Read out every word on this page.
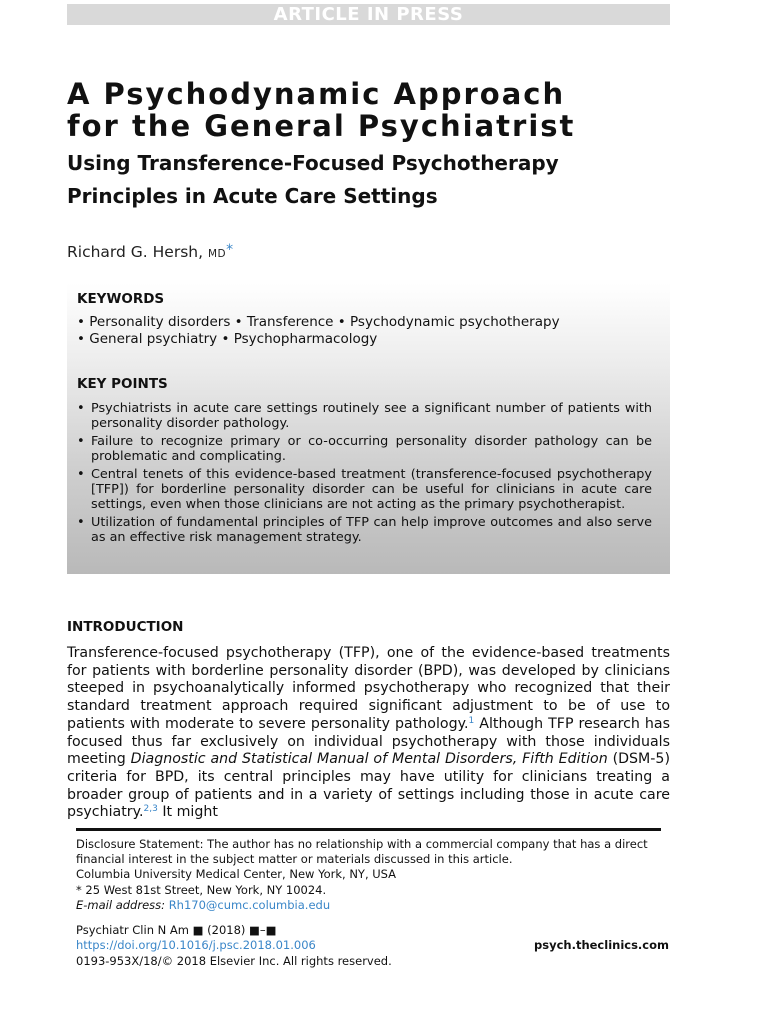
ARTICLE IN PRESS
A Psychodynamic Approach
for the General Psychiatrist
Using Transference-Focused Psychotherapy
Principles in Acute Care Settings
Richard G. Hersh, MD*
KEYWORDS
• Personality disorders • Transference • Psychodynamic psychotherapy
• General psychiatry • Psychopharmacology
KEY POINTS
• Psychiatrists in acute care settings routinely see a significant number of patients with personality disorder pathology.
• Failure to recognize primary or co-occurring personality disorder pathology can be problematic and complicating.
• Central tenets of this evidence-based treatment (transference-focused psychotherapy [TFP]) for borderline personality disorder can be useful for clinicians in acute care settings, even when those clinicians are not acting as the primary psychotherapist.
• Utilization of fundamental principles of TFP can help improve outcomes and also serve as an effective risk management strategy.
INTRODUCTION

Transference-focused psychotherapy (TFP), one of the evidence-based treatments for patients with borderline personality disorder (BPD), was developed by clinicians steeped in psychoanalytically informed psychotherapy who recognized that their standard treatment approach required significant adjustment to be of use to patients with moderate to severe personality pathology.$^1$ Although TFP research has focused thus far exclusively on individual psychotherapy with those individuals meeting Diagnostic and Statistical Manual of Mental Disorders, Fifth Edition (DSM-5) criteria for BPD, its central principles may have utility for clinicians treating a broader group of patients and in a variety of settings including those in acute care psychiatry.$^{2,3}$ It might

Disclosure Statement: The author has no relationship with a commercial company that has a direct financial interest in the subject matter or materials discussed in this article.
Columbia University Medical Center, New York, NY, USA
* 25 West 81st Street, New York, NY 10024.
E-mail address: Rh170@cumc.columbia.edu
Psychiatr Clin N Am ■ (2018) ■–■
https://doi.org/10.1016/j.psc.2018.01.006	psych.theclinics.com
0193-953X/18/© 2018 Elsevier Inc. All rights reserved.
